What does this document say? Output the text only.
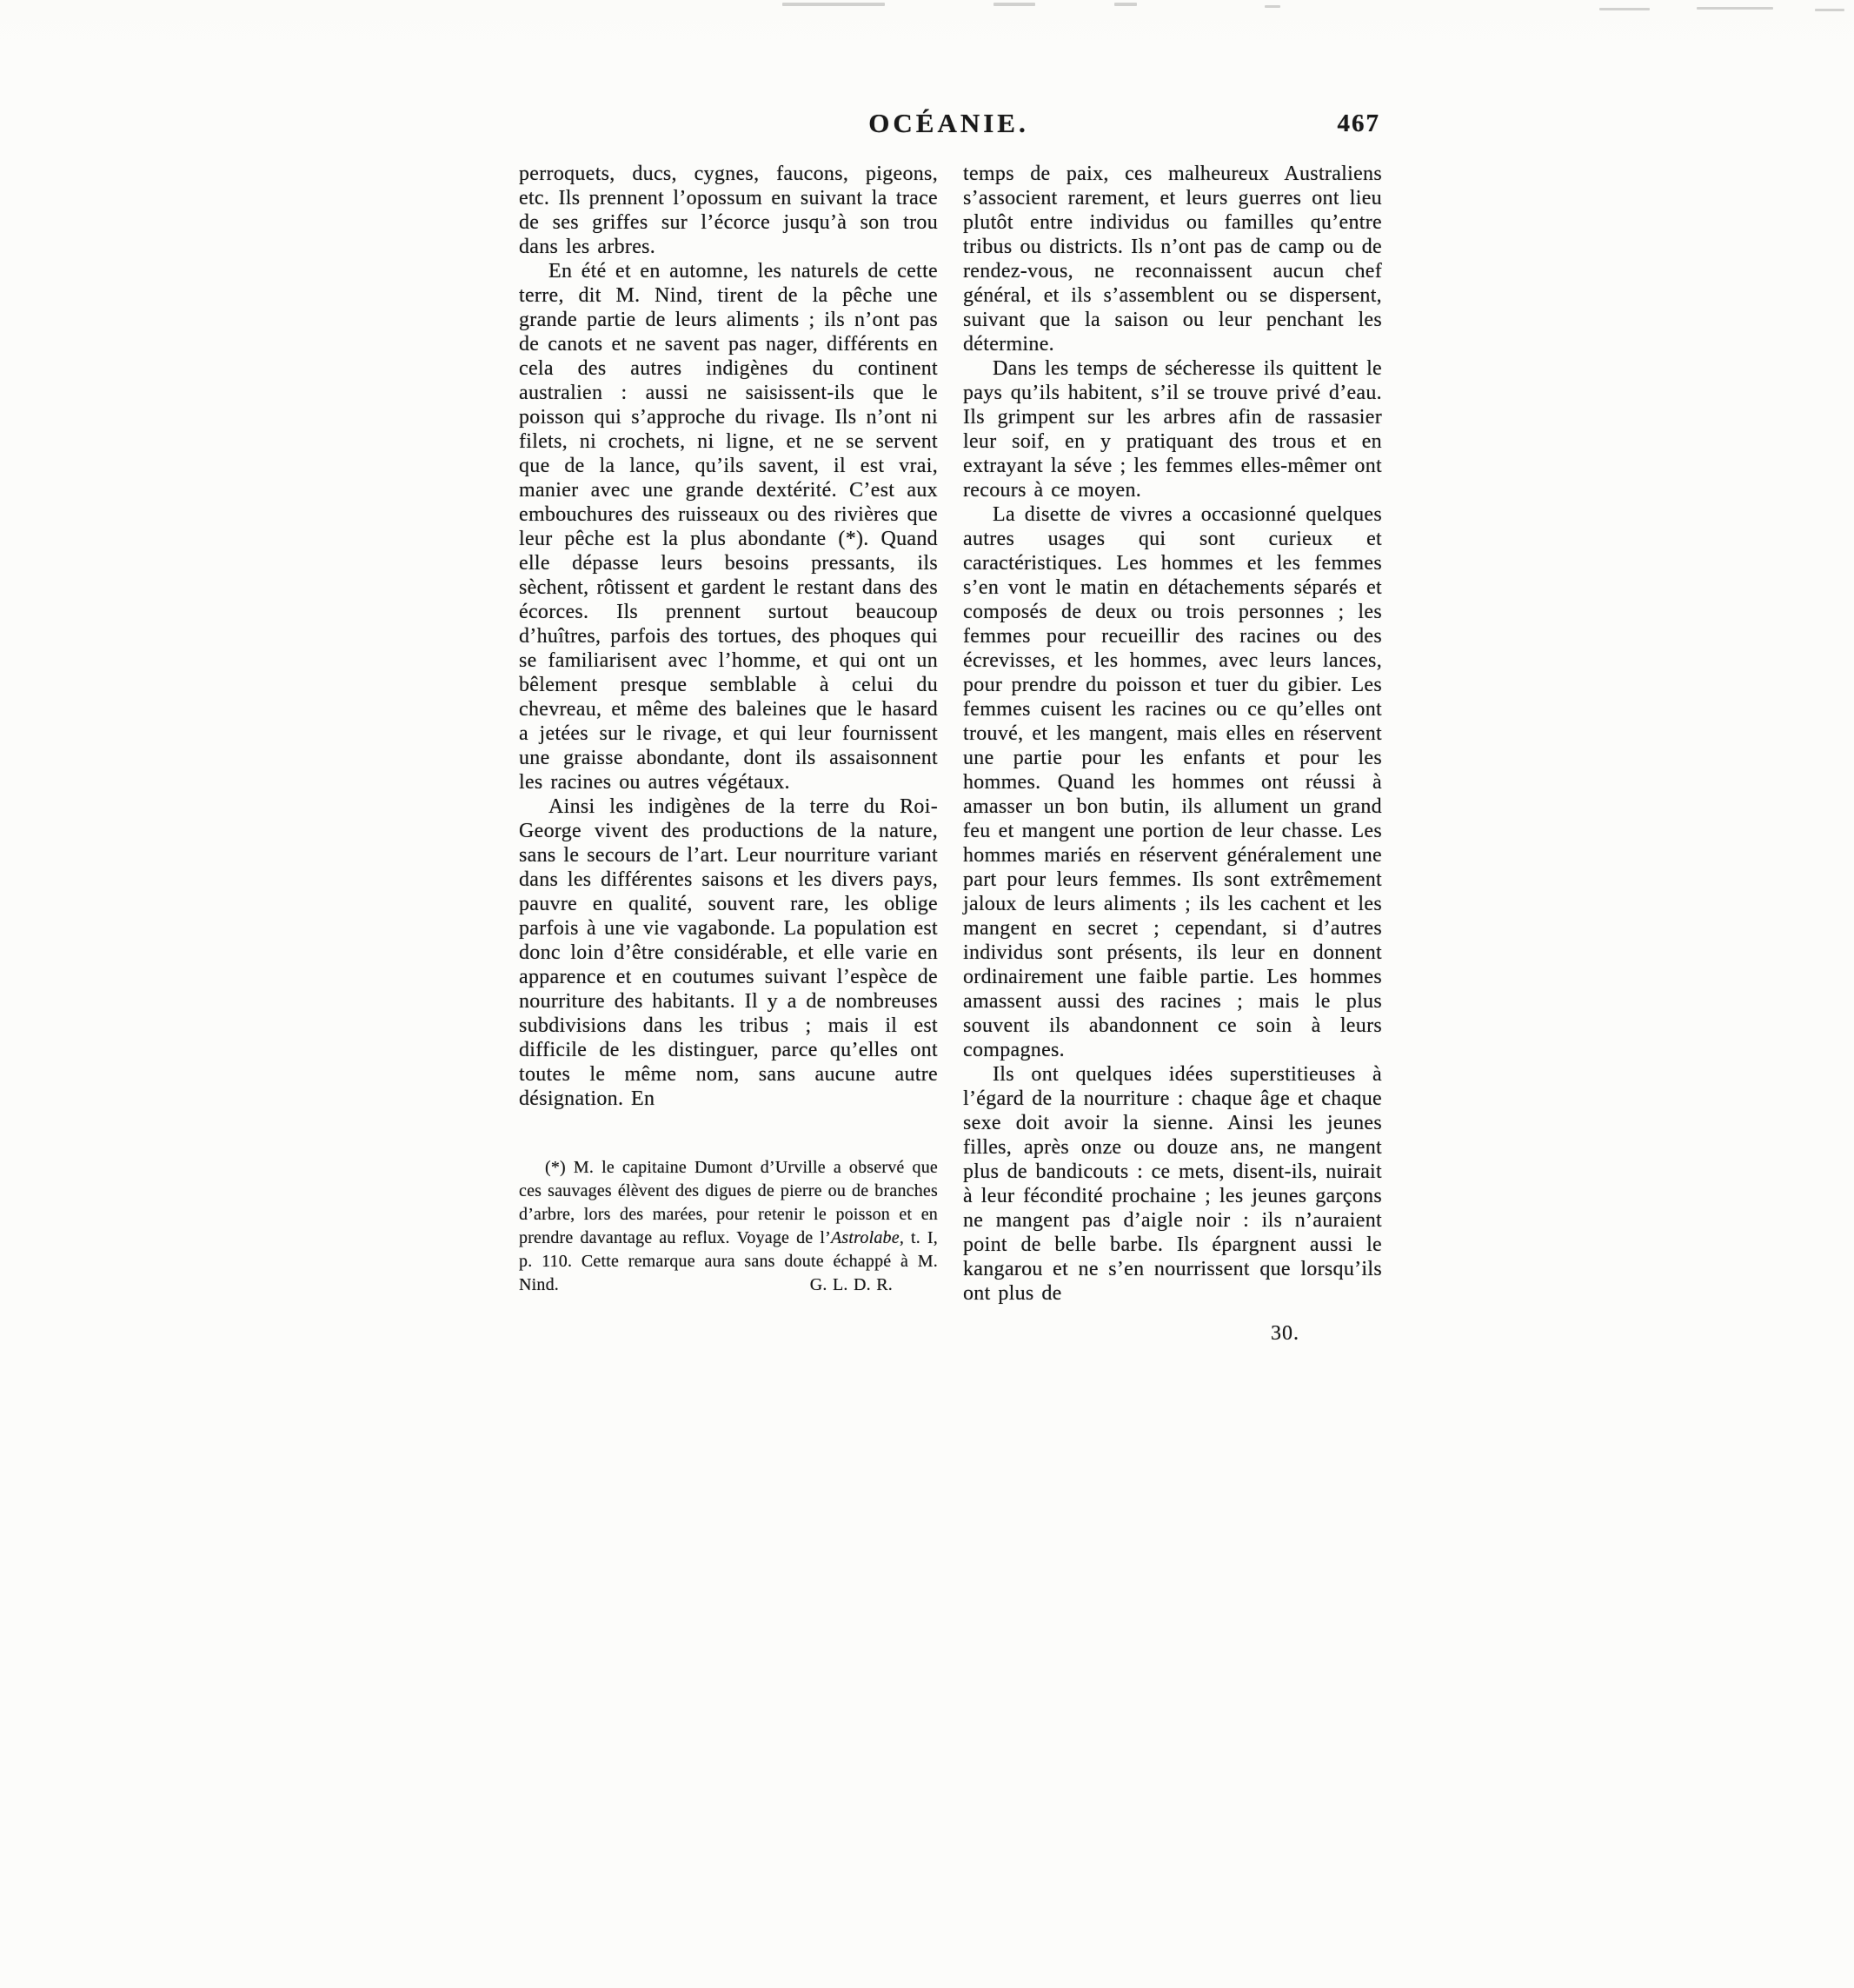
OCÉANIE.	467

perroquets, ducs, cygnes, faucons, pigeons, etc. Ils prennent l’opossum en suivant la trace de ses griffes sur l’écorce jusqu’à son trou dans les arbres.

En été et en automne, les naturels de cette terre, dit M. Nind, tirent de la pêche une grande partie de leurs aliments ; ils n’ont pas de canots et ne savent pas nager, différents en cela des autres indigènes du continent australien : aussi ne saisissent-ils que le poisson qui s’approche du rivage. Ils n’ont ni filets, ni crochets, ni ligne, et ne se servent que de la lance, qu’ils savent, il est vrai, manier avec une grande dextérité. C’est aux embouchures des ruisseaux ou des rivières que leur pêche est la plus abondante (*). Quand elle dépasse leurs besoins pressants, ils sèchent, rôtissent et gardent le restant dans des écorces. Ils prennent surtout beaucoup d’huîtres, parfois des tortues, des phoques qui se familiarisent avec l’homme, et qui ont un bêlement presque semblable à celui du chevreau, et même des baleines que le hasard a jetées sur le rivage, et qui leur fournissent une graisse abondante, dont ils assaisonnent les racines ou autres végétaux.

Ainsi les indigènes de la terre du Roi-George vivent des productions de la nature, sans le secours de l’art. Leur nourriture variant dans les différentes saisons et les divers pays, pauvre en qualité, souvent rare, les oblige parfois à une vie vagabonde. La population est donc loin d’être considérable, et elle varie en apparence et en coutumes suivant l’espèce de nourriture des habitants. Il y a de nombreuses subdivisions dans les tribus ; mais il est difficile de les distinguer, parce qu’elles ont toutes le même nom, sans aucune autre désignation. En

(*) M. le capitaine Dumont d’Urville a observé que ces sauvages élèvent des digues de pierre ou de branches d’arbre, lors des marées, pour retenir le poisson et en prendre davantage au reflux. Voyage de l’Astrolabe, t. I, p. 110. Cette remarque aura sans doute échappé à M. Nind.	G. L. D. R.

temps de paix, ces malheureux Australiens s’associent rarement, et leurs guerres ont lieu plutôt entre individus ou familles qu’entre tribus ou districts. Ils n’ont pas de camp ou de rendez-vous, ne reconnaissent aucun chef général, et ils s’assemblent ou se dispersent, suivant que la saison ou leur penchant les détermine.

Dans les temps de sécheresse ils quittent le pays qu’ils habitent, s’il se trouve privé d’eau. Ils grimpent sur les arbres afin de rassasier leur soif, en y pratiquant des trous et en extrayant la séve ; les femmes elles-mêmer ont recours à ce moyen.

La disette de vivres a occasionné quelques autres usages qui sont curieux et caractéristiques. Les hommes et les femmes s’en vont le matin en détachements séparés et composés de deux ou trois personnes ; les femmes pour recueillir des racines ou des écrevisses, et les hommes, avec leurs lances, pour prendre du poisson et tuer du gibier. Les femmes cuisent les racines ou ce qu’elles ont trouvé, et les mangent, mais elles en réservent une partie pour les enfants et pour les hommes. Quand les hommes ont réussi à amasser un bon butin, ils allument un grand feu et mangent une portion de leur chasse. Les hommes mariés en réservent généralement une part pour leurs femmes. Ils sont extrêmement jaloux de leurs aliments ; ils les cachent et les mangent en secret ; cependant, si d’autres individus sont présents, ils leur en donnent ordinairement une faible partie. Les hommes amassent aussi des racines ; mais le plus souvent ils abandonnent ce soin à leurs compagnes.

Ils ont quelques idées superstitieuses à l’égard de la nourriture : chaque âge et chaque sexe doit avoir la sienne. Ainsi les jeunes filles, après onze ou douze ans, ne mangent plus de bandicouts : ce mets, disent-ils, nuirait à leur fécondité prochaine ; les jeunes garçons ne mangent pas d’aigle noir : ils n’auraient point de belle barbe. Ils épargnent aussi le kangarou et ne s’en nourrissent que lorsqu’ils ont plus de

30.
